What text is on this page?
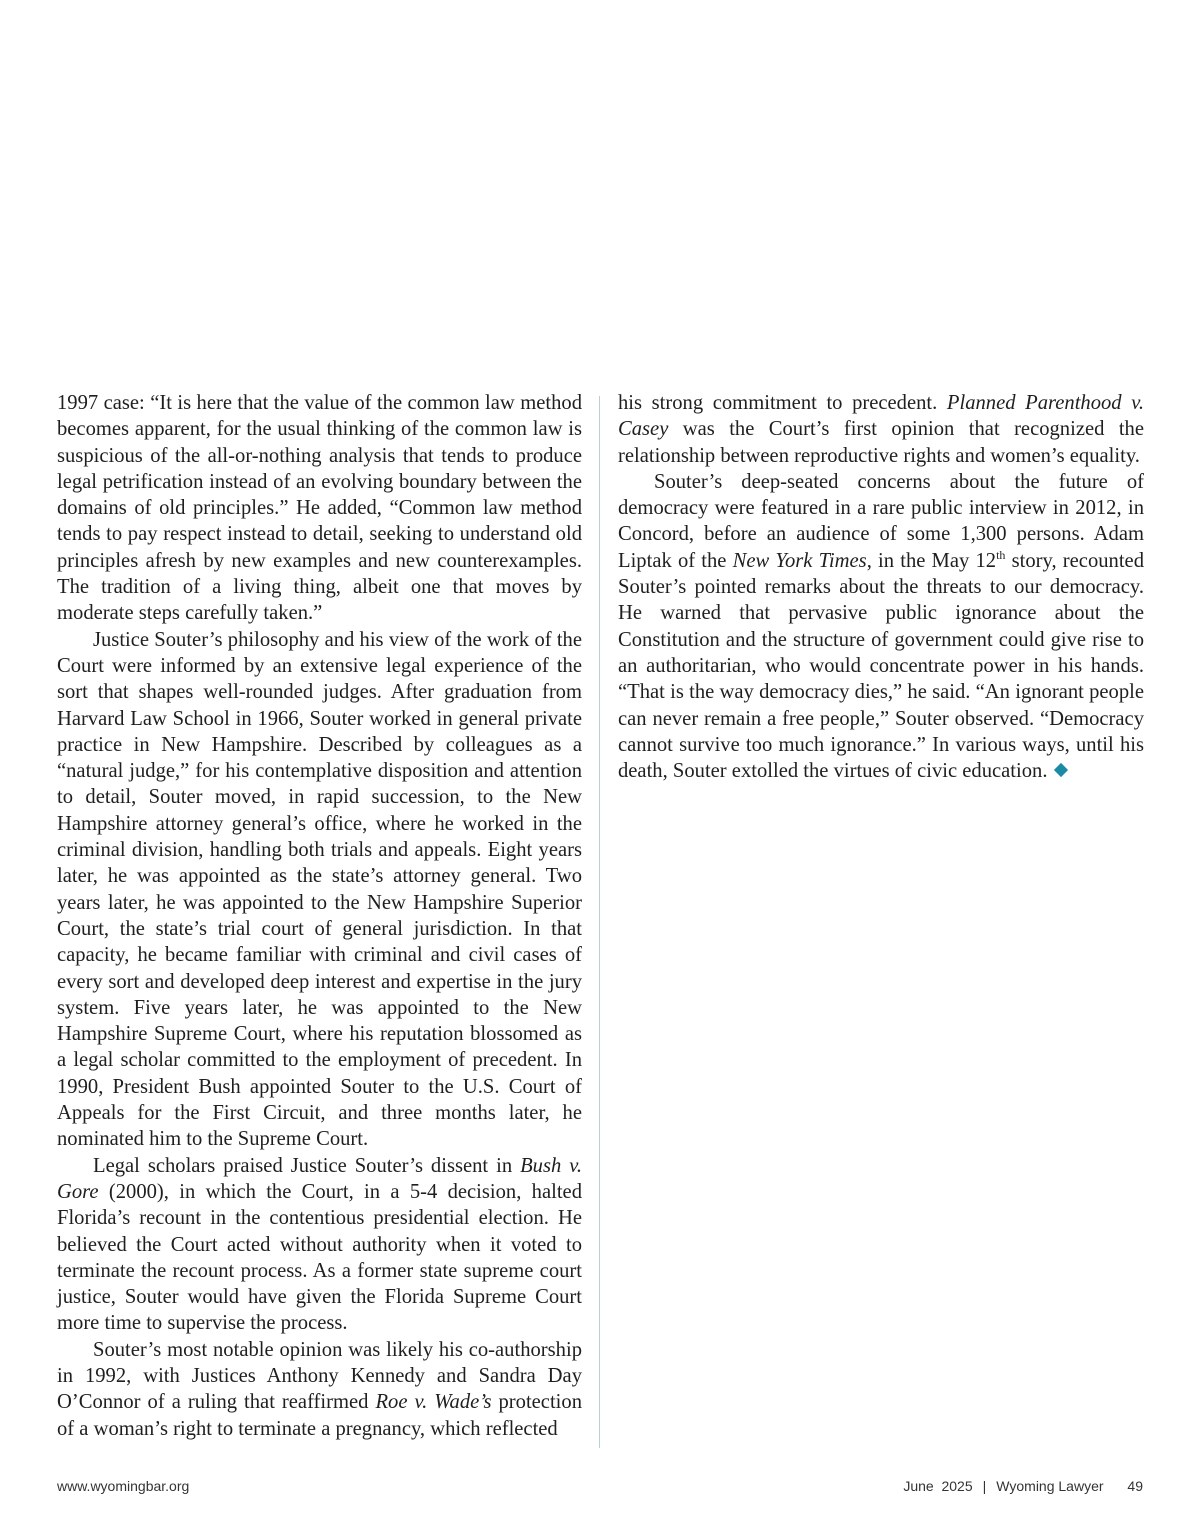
1997 case: “It is here that the value of the common law method becomes apparent, for the usual thinking of the common law is suspicious of the all-or-nothing analysis that tends to produce legal petrification instead of an evolving boundary between the domains of old principles.” He added, “Common law method tends to pay respect instead to detail, seeking to understand old principles afresh by new examples and new counterexamples. The tradition of a living thing, albeit one that moves by moderate steps carefully taken.”

Justice Souter’s philosophy and his view of the work of the Court were informed by an extensive legal experience of the sort that shapes well-rounded judges. After graduation from Harvard Law School in 1966, Souter worked in general private practice in New Hampshire. Described by colleagues as a “natural judge,” for his contemplative disposition and attention to detail, Souter moved, in rapid succession, to the New Hampshire attorney general’s office, where he worked in the criminal division, handling both trials and appeals. Eight years later, he was appointed as the state’s attorney general. Two years later, he was appointed to the New Hampshire Superior Court, the state’s trial court of general jurisdiction. In that capacity, he became familiar with criminal and civil cases of every sort and developed deep interest and expertise in the jury system. Five years later, he was appointed to the New Hampshire Supreme Court, where his reputation blossomed as a legal scholar committed to the employment of precedent. In 1990, President Bush appointed Souter to the U.S. Court of Appeals for the First Circuit, and three months later, he nominated him to the Supreme Court.

Legal scholars praised Justice Souter’s dissent in Bush v. Gore (2000), in which the Court, in a 5-4 decision, halted Florida’s recount in the contentious presidential election. He believed the Court acted without authority when it voted to terminate the recount process. As a former state supreme court justice, Souter would have given the Florida Supreme Court more time to supervise the process.

Souter’s most notable opinion was likely his co-authorship in 1992, with Justices Anthony Kennedy and Sandra Day O’Connor of a ruling that reaffirmed Roe v. Wade’s protection of a woman’s right to terminate a pregnancy, which reflected

his strong commitment to precedent. Planned Parenthood v. Casey was the Court’s first opinion that recognized the relationship between reproductive rights and women’s equality.

Souter’s deep-seated concerns about the future of democracy were featured in a rare public interview in 2012, in Concord, before an audience of some 1,300 persons. Adam Liptak of the New York Times, in the May 12th story, recounted Souter’s pointed remarks about the threats to our democracy. He warned that pervasive public ignorance about the Constitution and the structure of government could give rise to an authoritarian, who would concentrate power in his hands. “That is the way democracy dies,” he said. “An ignorant people can never remain a free people,” Souter observed. “Democracy cannot survive too much ignorance.” In various ways, until his death, Souter extolled the virtues of civic education.

www.wyomingbar.org	June  2025 | Wyoming Lawyer 49
